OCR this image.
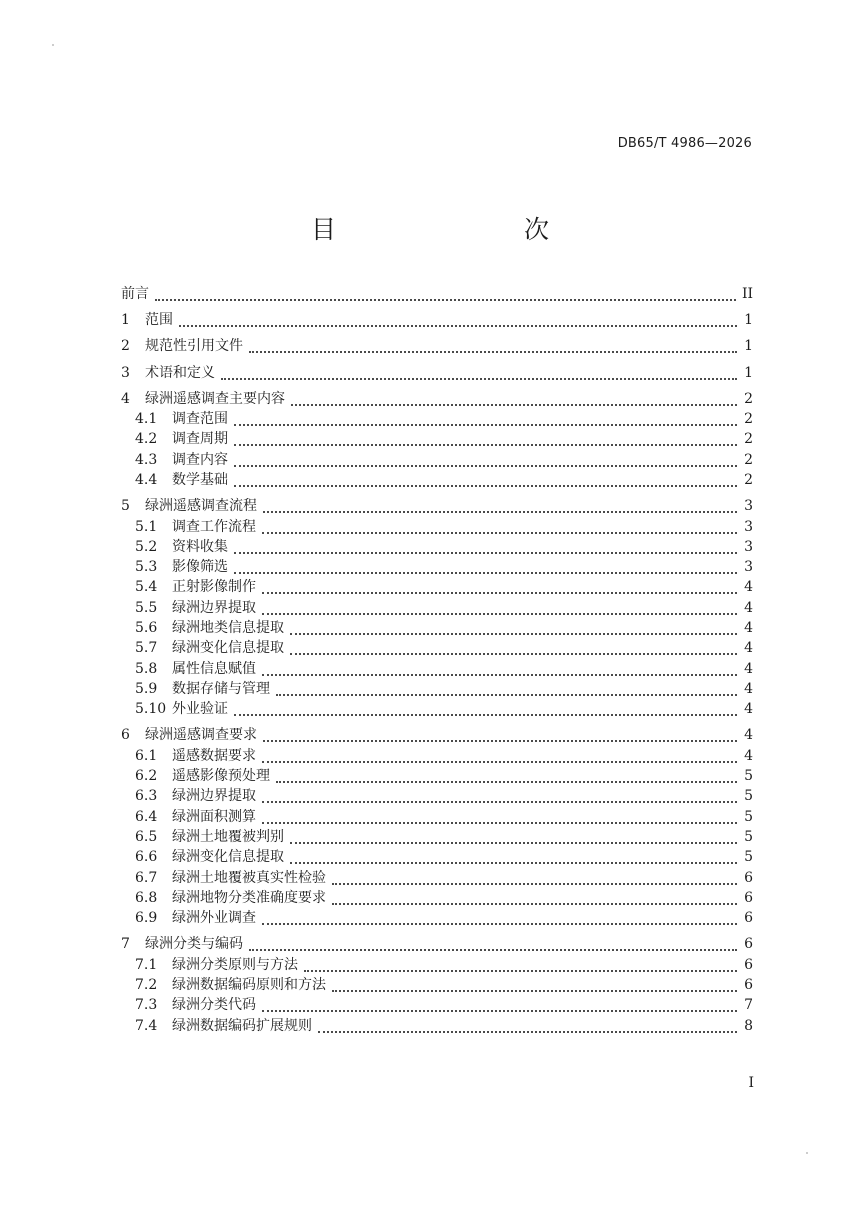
DB65/T 4986—2026
目　　次
前言	II
1	范围	1
2	规范性引用文件	1
3	术语和定义	1
4	绿洲遥感调查主要内容	2
4.1	调查范围	2
4.2	调查周期	2
4.3	调查内容	2
4.4	数学基础	2
5	绿洲遥感调查流程	3
5.1	调查工作流程	3
5.2	资料收集	3
5.3	影像筛选	3
5.4	正射影像制作	4
5.5	绿洲边界提取	4
5.6	绿洲地类信息提取	4
5.7	绿洲变化信息提取	4
5.8	属性信息赋值	4
5.9	数据存储与管理	4
5.10 外业验证	4
6	绿洲遥感调查要求	4
6.1	遥感数据要求	4
6.2	遥感影像预处理	5
6.3	绿洲边界提取	5
6.4	绿洲面积测算	5
6.5	绿洲土地覆被判别	5
6.6	绿洲变化信息提取	5
6.7	绿洲土地覆被真实性检验	6
6.8	绿洲地物分类准确度要求	6
6.9	绿洲外业调查	6
7	绿洲分类与编码	6
7.1	绿洲分类原则与方法	6
7.2	绿洲数据编码原则和方法	6
7.3	绿洲分类代码	7
7.4	绿洲数据编码扩展规则	8
I
